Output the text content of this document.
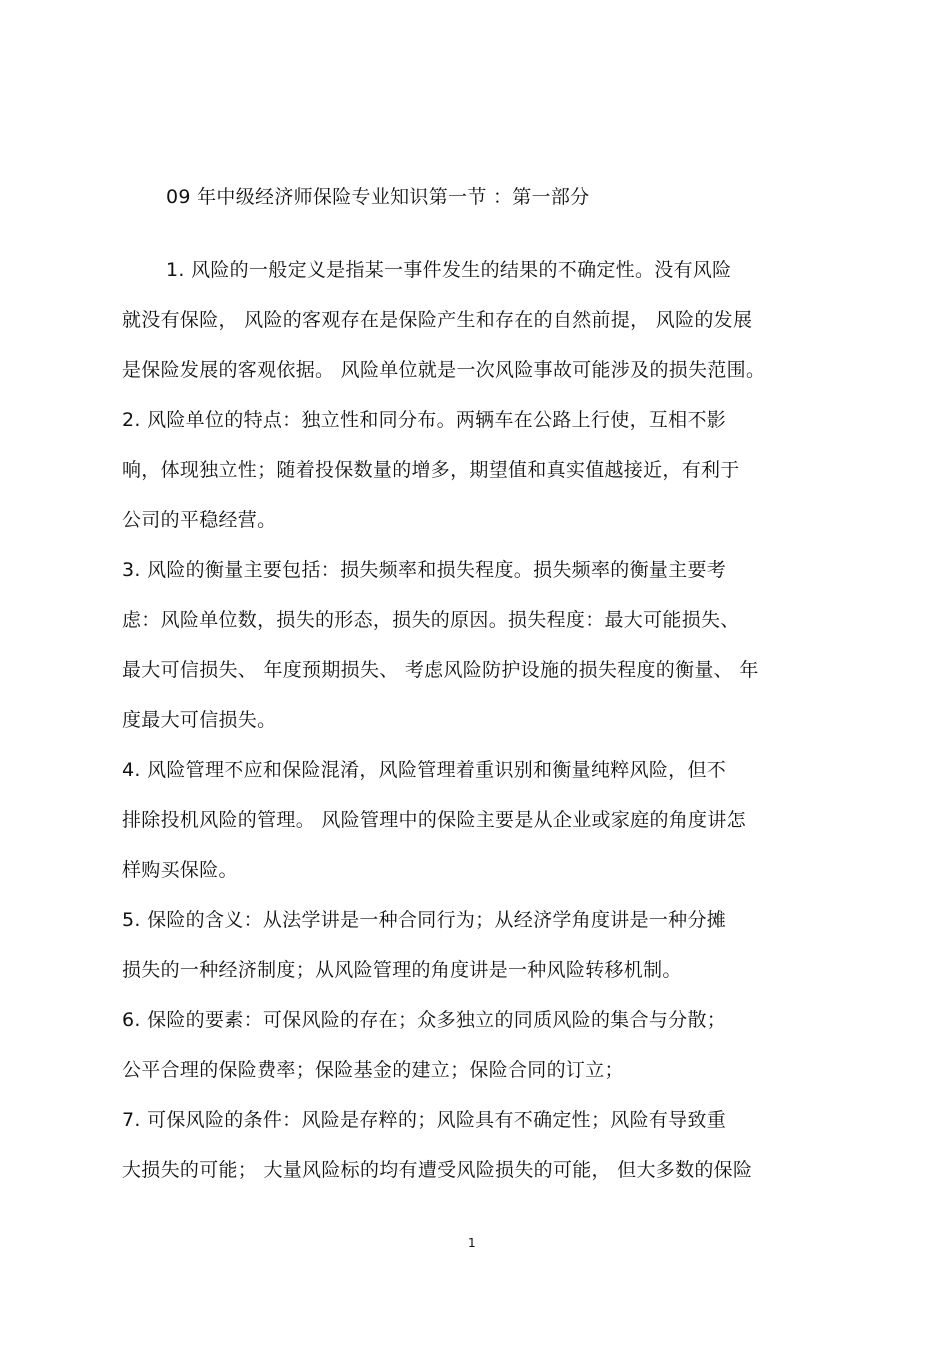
09 年中级经济师保险专业知识第一节 ：第一部分
1. 风险的一般定义是指某一事件发生的结果的不确定性。没有风险
就没有保险， 风险的客观存在是保险产生和存在的自然前提， 风险的发展
是保险发展的客观依据。 风险单位就是一次风险事故可能涉及的损失范围。
2. 风险单位的特点：独立性和同分布。两辆车在公路上行使，互相不影
响，体现独立性；随着投保数量的增多，期望值和真实值越接近，有利于
公司的平稳经营。
3. 风险的衡量主要包括：损失频率和损失程度。损失频率的衡量主要考
虑：风险单位数，损失的形态，损失的原因。损失程度：最大可能损失、
最大可信损失、 年度预期损失、 考虑风险防护设施的损失程度的衡量、 年
度最大可信损失。
4. 风险管理不应和保险混淆，风险管理着重识别和衡量纯粹风险，但不
排除投机风险的管理。 风险管理中的保险主要是从企业或家庭的角度讲怎
样购买保险。
5. 保险的含义：从法学讲是一种合同行为；从经济学角度讲是一种分摊
损失的一种经济制度；从风险管理的角度讲是一种风险转移机制。
6. 保险的要素：可保风险的存在；众多独立的同质风险的集合与分散；
公平合理的保险费率；保险基金的建立；保险合同的订立；
7. 可保风险的条件：风险是存粹的；风险具有不确定性；风险有导致重
大损失的可能； 大量风险标的均有遭受风险损失的可能， 但大多数的保险
1
